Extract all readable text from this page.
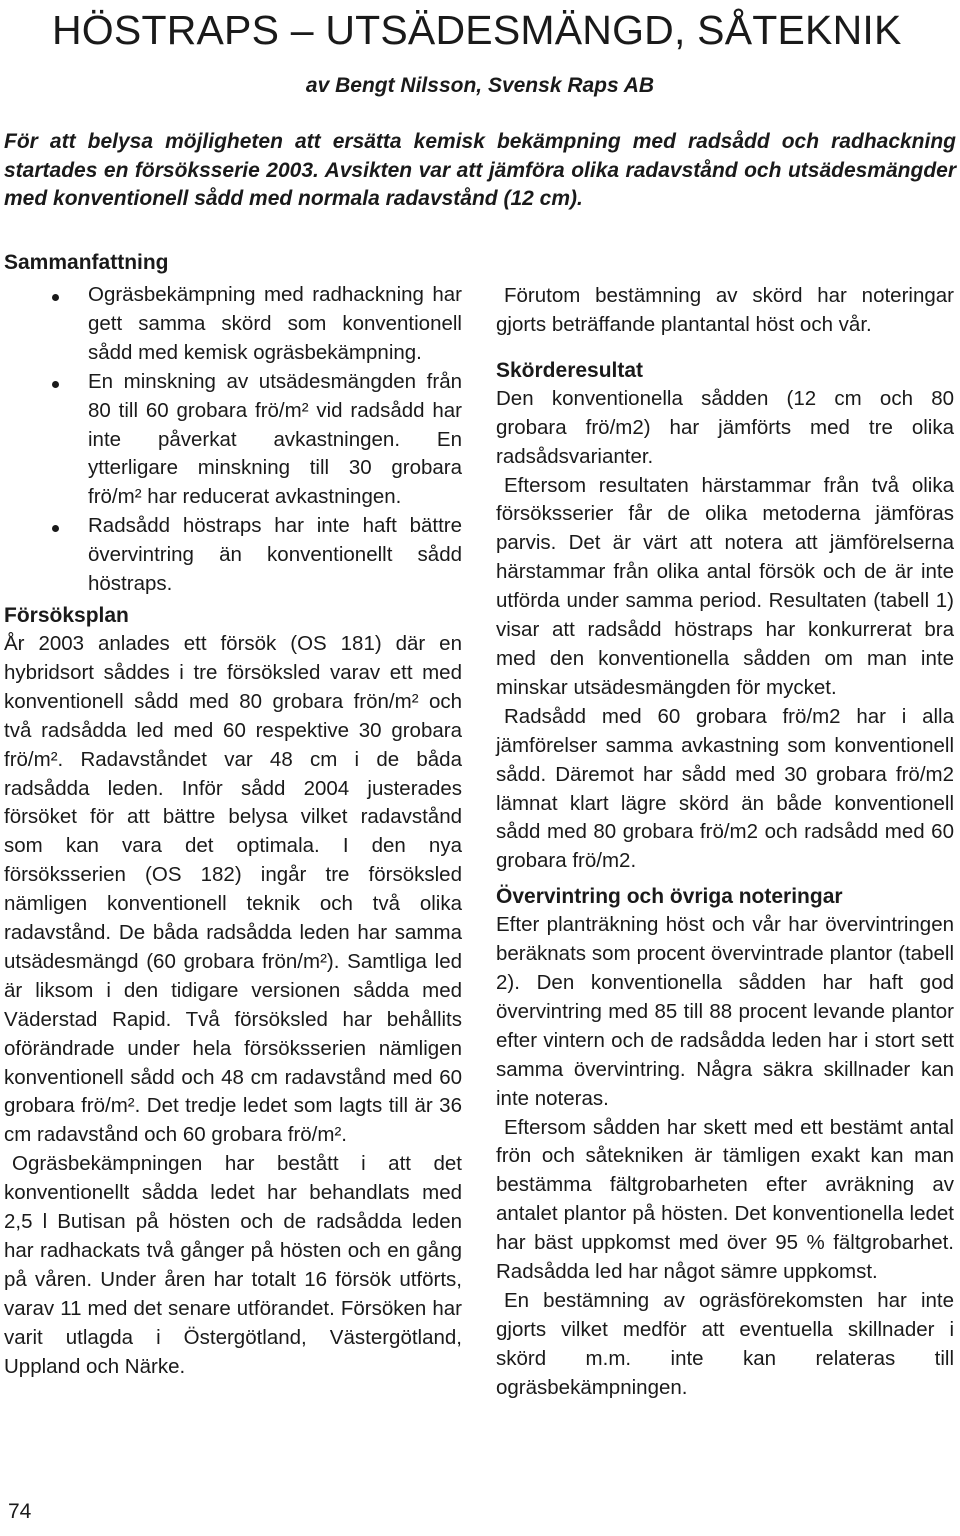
HÖSTRAPS – UTSÄDESMÄNGD, SÅTEKNIK
av Bengt Nilsson, Svensk Raps AB

För att belysa möjligheten att ersätta kemisk bekämpning med radsådd och radhackning startades en försöksserie 2003. Avsikten var att jämföra olika radavstånd och utsädesmängder med konventionell sådd med normala radavstånd (12 cm).

Sammanfattning
Ogräsbekämpning med radhackning har gett samma skörd som konventionell sådd med kemisk ogräsbekämpning.
En minskning av utsädesmängden från 80 till 60 grobara frö/m² vid radsådd har inte påverkat avkastningen. En ytterligare minskning till 30 grobara frö/m² har reducerat avkastningen.
Radsådd höstraps har inte haft bättre övervintring än konventionellt sådd höstraps.
Försöksplan

År 2003 anlades ett försök (OS 181) där en hybridsort såddes i tre försöksled varav ett med konventionell sådd med 80 grobara frön/m² och två radsådda led med 60 respektive 30 grobara frö/m². Radavståndet var 48 cm i de båda radsådda leden. Inför sådd 2004 justerades försöket för att bättre belysa vilket radavstånd som kan vara det optimala. I den nya försöksserien (OS 182) ingår tre försöksled nämligen konventionell teknik och två olika radavstånd. De båda radsådda leden har samma utsädesmängd (60 grobara frön/m²). Samtliga led är liksom i den tidigare versionen sådda med Väderstad Rapid. Två försöksled har behållits oförändrade under hela försöksserien nämligen konventionell sådd och 48 cm radavstånd med 60 grobara frö/m². Det tredje ledet som lagts till är 36 cm radavstånd och 60 grobara frö/m².

Ogräsbekämpningen har bestått i att det konventionellt sådda ledet har behandlats med 2,5 l Butisan på hösten och de radsådda leden har radhackats två gånger på hösten och en gång på våren. Under åren har totalt 16 försök utförts, varav 11 med det senare utförandet. Försöken har varit utlagda i Östergötland, Västergötland, Uppland och Närke.

Förutom bestämning av skörd har noteringar gjorts beträffande plantantal höst och vår.

Skörderesultat

Den konventionella sådden (12 cm och 80 grobara frö/m2) har jämförts med tre olika radsådsvarianter.

Eftersom resultaten härstammar från två olika försöksserier får de olika metoderna jämföras parvis. Det är värt att notera att jämförelserna härstammar från olika antal försök och de är inte utförda under samma period. Resultaten (tabell 1) visar att radsådd höstraps har konkurrerat bra med den konventionella sådden om man inte minskar utsädesmängden för mycket.

Radsådd med 60 grobara frö/m2 har i alla jämförelser samma avkastning som konventionell sådd. Däremot har sådd med 30 grobara frö/m2 lämnat klart lägre skörd än både konventionell sådd med 80 grobara frö/m2 och radsådd med 60 grobara frö/m2.

Övervintring och övriga noteringar

Efter planträkning höst och vår har övervintringen beräknats som procent övervintrade plantor (tabell 2). Den konventionella sådden har haft god övervintring med 85 till 88 procent levande plantor efter vintern och de radsådda leden har i stort sett samma övervintring. Några säkra skillnader kan inte noteras.

Eftersom sådden har skett med ett bestämt antal frön och såtekniken är tämligen exakt kan man bestämma fältgrobarheten efter avräkning av antalet plantor på hösten. Det konventionella ledet har bäst uppkomst med över 95 % fältgrobarhet. Radsådda led har något sämre uppkomst.

En bestämning av ogräsförekomsten har inte gjorts vilket medför att eventuella skillnader i skörd m.m. inte kan relateras till ogräsbekämpningen.

74
